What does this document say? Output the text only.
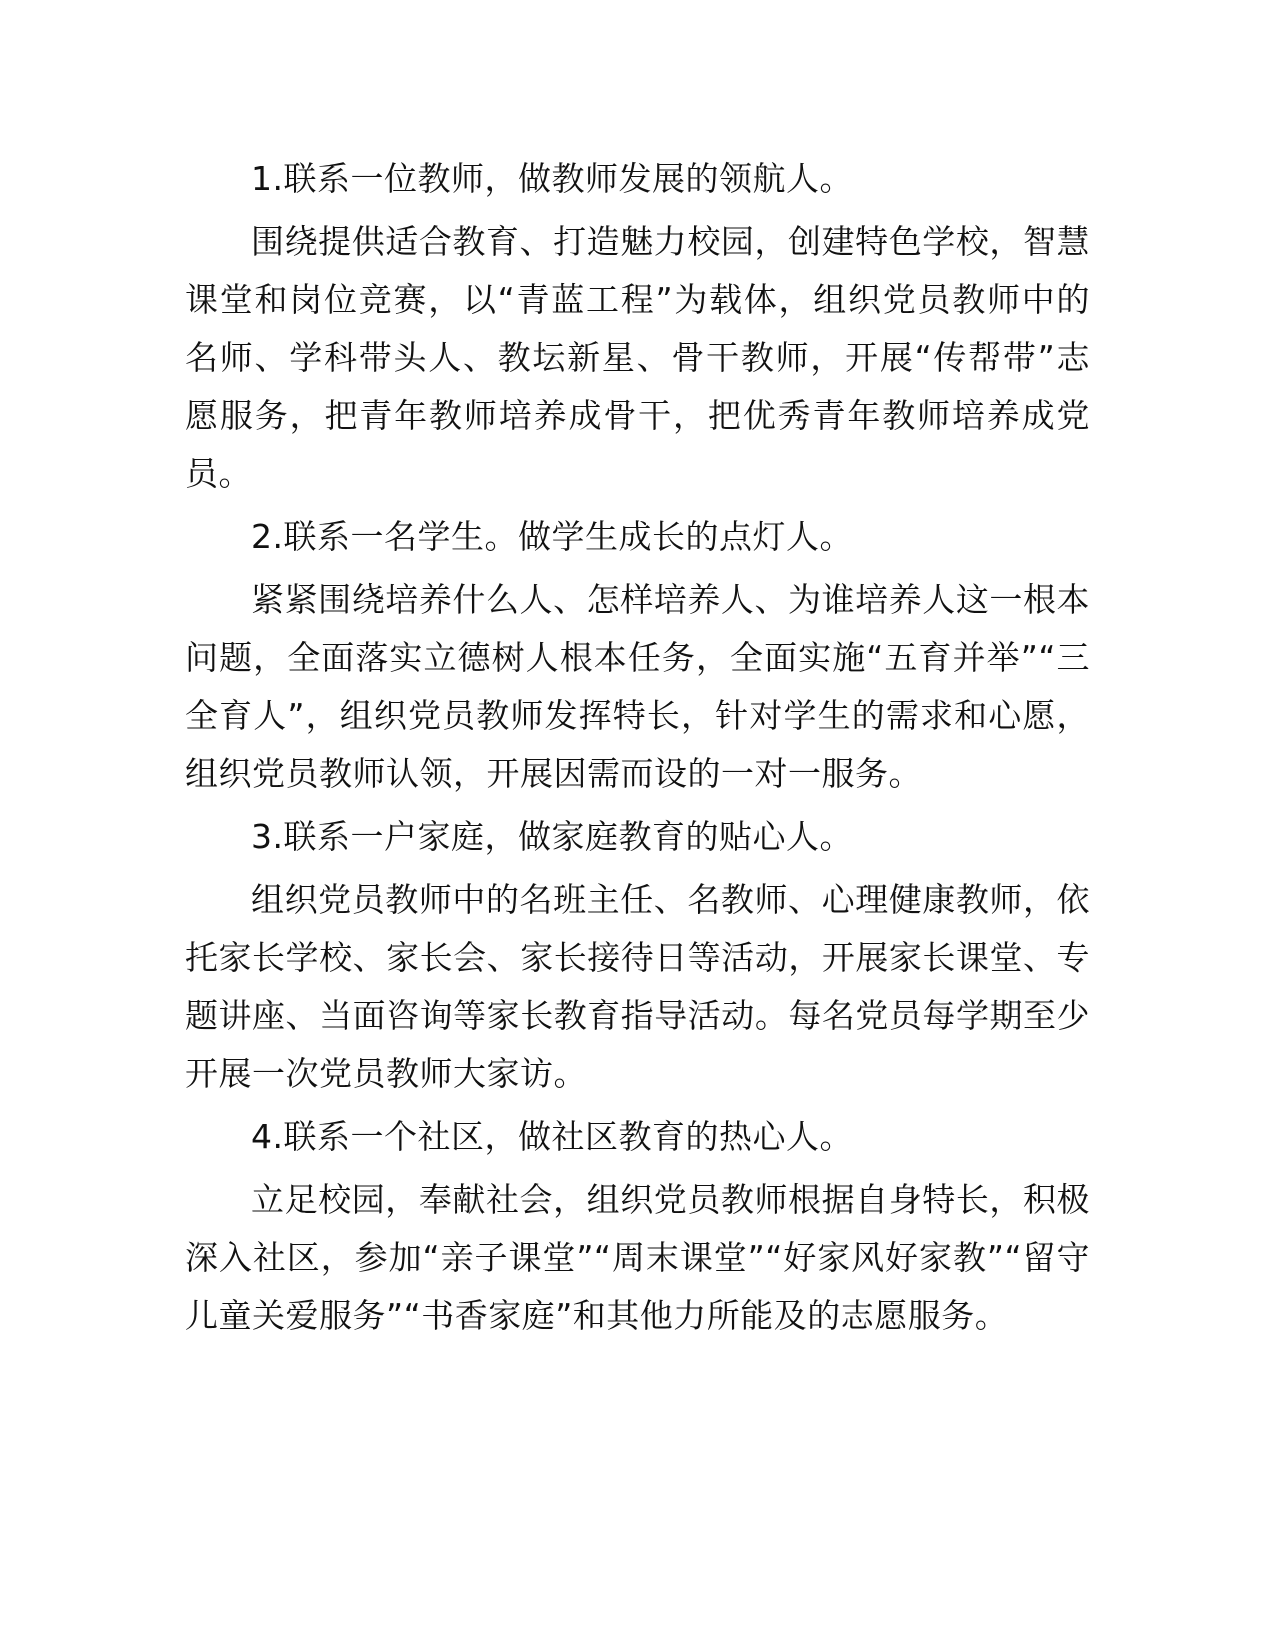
1.联系一位教师，做教师发展的领航人。

围绕提供适合教育、打造魅力校园，创建特色学校，智慧课堂和岗位竞赛，以“青蓝工程”为载体，组织党员教师中的名师、学科带头人、教坛新星、骨干教师，开展“传帮带”志愿服务，把青年教师培养成骨干，把优秀青年教师培养成党员。

2.联系一名学生。做学生成长的点灯人。

紧紧围绕培养什么人、怎样培养人、为谁培养人这一根本问题，全面落实立德树人根本任务，全面实施“五育并举”“三全育人”，组织党员教师发挥特长，针对学生的需求和心愿，组织党员教师认领，开展因需而设的一对一服务。

3.联系一户家庭，做家庭教育的贴心人。

组织党员教师中的名班主任、名教师、心理健康教师，依托家长学校、家长会、家长接待日等活动，开展家长课堂、专题讲座、当面咨询等家长教育指导活动。每名党员每学期至少开展一次党员教师大家访。

4.联系一个社区，做社区教育的热心人。

立足校园，奉献社会，组织党员教师根据自身特长，积极深入社区，参加“亲子课堂”“周末课堂”“好家风好家教”“留守儿童关爱服务”“书香家庭”和其他力所能及的志愿服务。
